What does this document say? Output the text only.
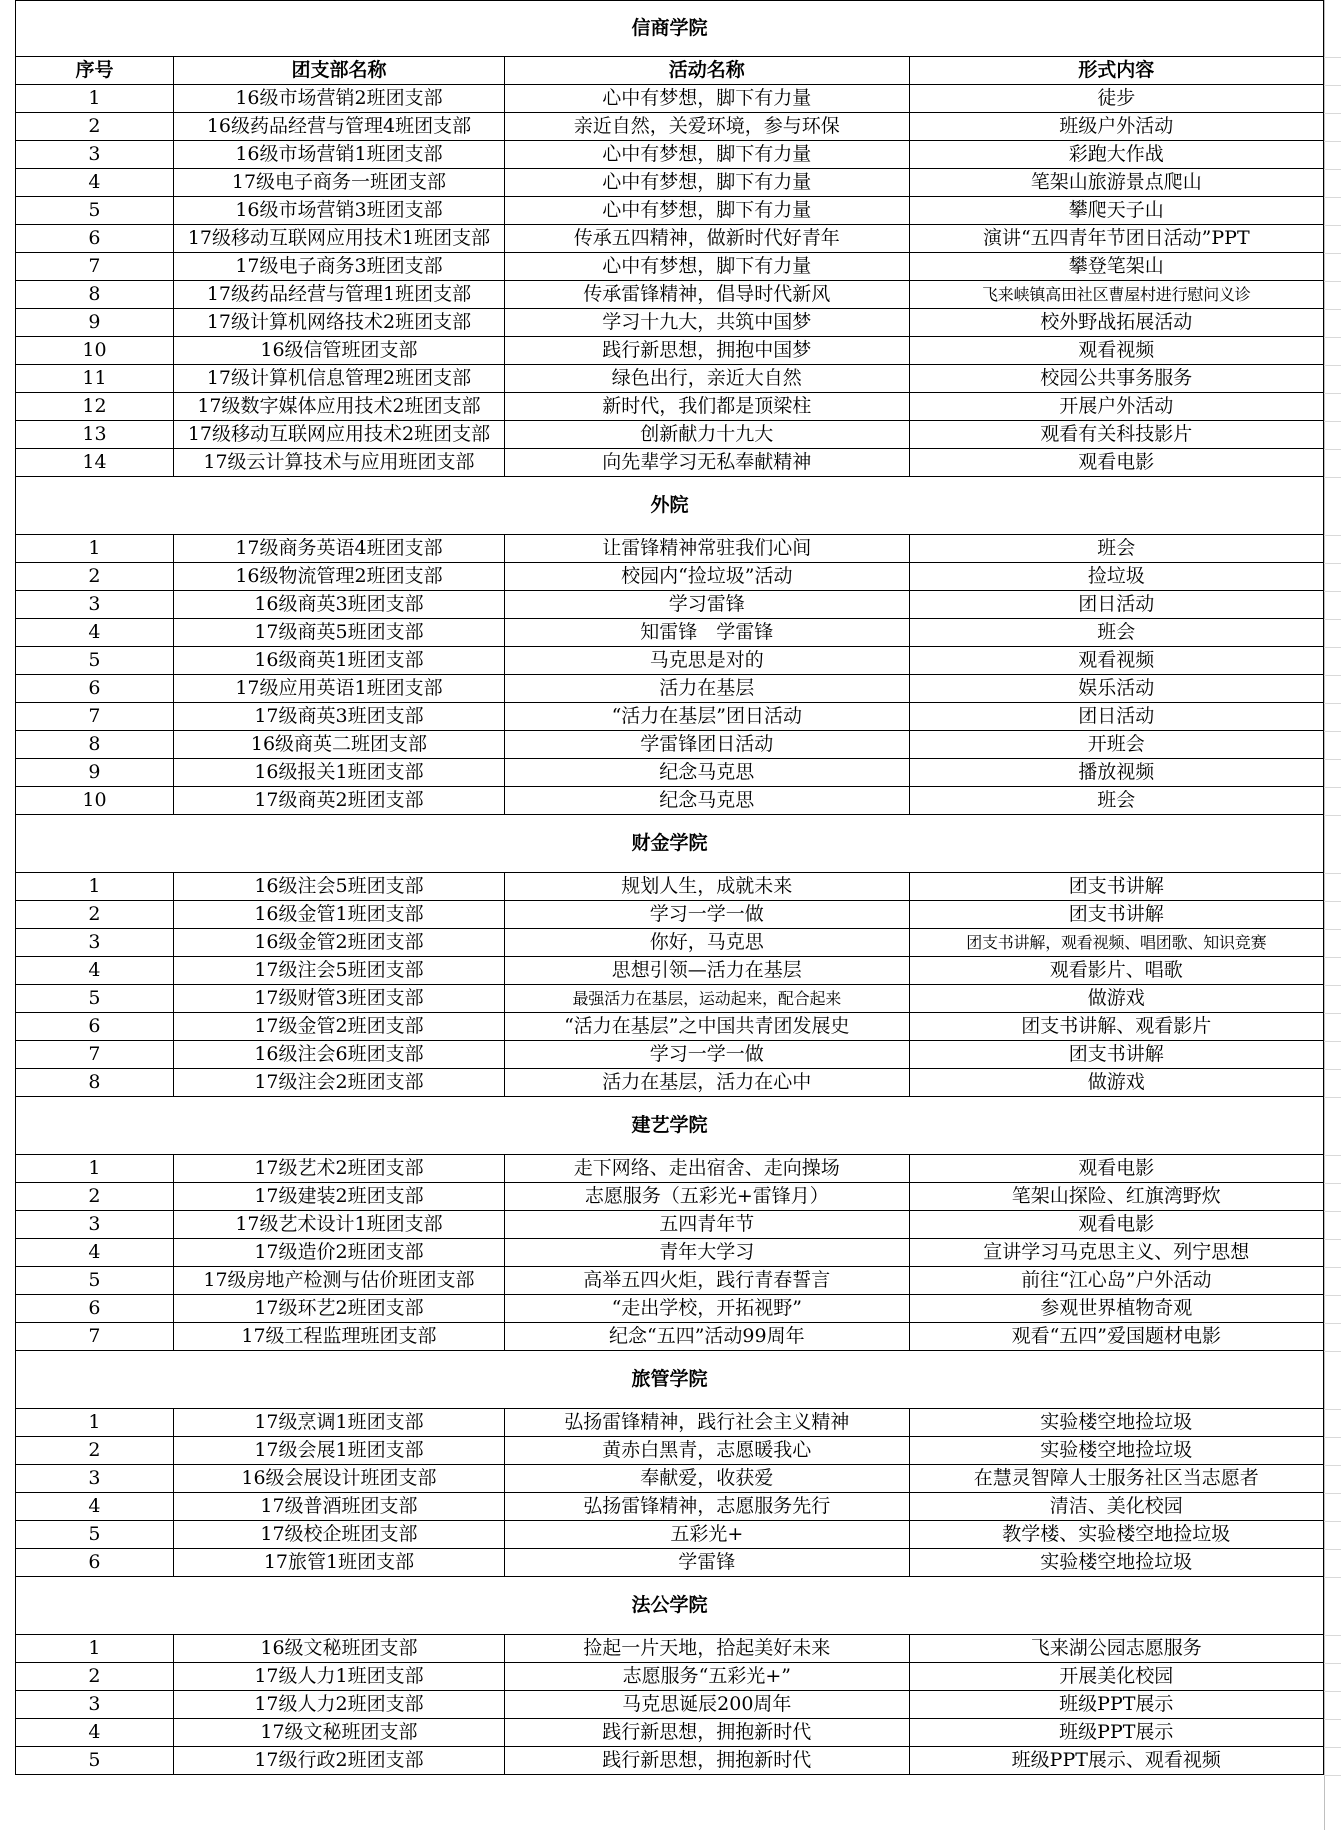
信商学院			
序号	团支部名称	活动名称	形式内容
1	16级市场营销2班团支部	心中有梦想，脚下有力量	徒步
2	16级药品经营与管理4班团支部	亲近自然，关爱环境，参与环保	班级户外活动
3	16级市场营销1班团支部	心中有梦想，脚下有力量	彩跑大作战
4	17级电子商务一班团支部	心中有梦想，脚下有力量	笔架山旅游景点爬山
5	16级市场营销3班团支部	心中有梦想，脚下有力量	攀爬天子山
6	17级移动互联网应用技术1班团支部	传承五四精神，做新时代好青年	演讲“五四青年节团日活动”PPT
7	17级电子商务3班团支部	心中有梦想，脚下有力量	攀登笔架山
8	17级药品经营与管理1班团支部	传承雷锋精神，倡导时代新风	飞来峡镇高田社区曹屋村进行慰问义诊
9	17级计算机网络技术2班团支部	学习十九大，共筑中国梦	校外野战拓展活动
10	16级信管班团支部	践行新思想，拥抱中国梦	观看视频
11	17级计算机信息管理2班团支部	绿色出行，亲近大自然	校园公共事务服务
12	17级数字媒体应用技术2班团支部	新时代，我们都是顶梁柱	开展户外活动
13	17级移动互联网应用技术2班团支部	创新献力十九大	观看有关科技影片
14	17级云计算技术与应用班团支部	向先辈学习无私奉献精神	观看电影
外院			
1	17级商务英语4班团支部	让雷锋精神常驻我们心间	班会
2	16级物流管理2班团支部	校园内“捡垃圾”活动	捡垃圾
3	16级商英3班团支部	学习雷锋	团日活动
4	17级商英5班团支部	知雷锋　学雷锋	班会
5	16级商英1班团支部	马克思是对的	观看视频
6	17级应用英语1班团支部	活力在基层	娱乐活动
7	17级商英3班团支部	“活力在基层”团日活动	团日活动
8	16级商英二班团支部	学雷锋团日活动	开班会
9	16级报关1班团支部	纪念马克思	播放视频
10	17级商英2班团支部	纪念马克思	班会
财金学院			
1	16级注会5班团支部	规划人生，成就未来	团支书讲解
2	16级金管1班团支部	学习一学一做	团支书讲解
3	16级金管2班团支部	你好，马克思	团支书讲解，观看视频、唱团歌、知识竞赛
4	17级注会5班团支部	思想引领—活力在基层	观看影片、唱歌
5	17级财管3班团支部	最强活力在基层，运动起来，配合起来	做游戏
6	17级金管2班团支部	“活力在基层”之中国共青团发展史	团支书讲解、观看影片
7	16级注会6班团支部	学习一学一做	团支书讲解
8	17级注会2班团支部	活力在基层，活力在心中	做游戏
建艺学院			
1	17级艺术2班团支部	走下网络、走出宿舍、走向操场	观看电影
2	17级建装2班团支部	志愿服务（五彩光+雷锋月）	笔架山探险、红旗湾野炊
3	17级艺术设计1班团支部	五四青年节	观看电影
4	17级造价2班团支部	青年大学习	宣讲学习马克思主义、列宁思想
5	17级房地产检测与估价班团支部	高举五四火炬，践行青春誓言	前往“江心岛”户外活动
6	17级环艺2班团支部	“走出学校，开拓视野”	参观世界植物奇观
7	17级工程监理班团支部	纪念“五四”活动99周年	观看“五四”爱国题材电影
旅管学院			
1	17级烹调1班团支部	弘扬雷锋精神，践行社会主义精神	实验楼空地捡垃圾
2	17级会展1班团支部	黄赤白黑青，志愿暖我心	实验楼空地捡垃圾
3	16级会展设计班团支部	奉献爱，收获爱	在慧灵智障人士服务社区当志愿者
4	17级普酒班团支部	弘扬雷锋精神，志愿服务先行	清洁、美化校园
5	17级校企班团支部	五彩光+	教学楼、实验楼空地捡垃圾
6	17旅管1班团支部	学雷锋	实验楼空地捡垃圾
法公学院			
1	16级文秘班团支部	捡起一片天地，拾起美好未来	飞来湖公园志愿服务
2	17级人力1班团支部	志愿服务“五彩光+”	开展美化校园
3	17级人力2班团支部	马克思诞辰200周年	班级PPT展示
4	17级文秘班团支部	践行新思想，拥抱新时代	班级PPT展示
5	17级行政2班团支部	践行新思想，拥抱新时代	班级PPT展示、观看视频
